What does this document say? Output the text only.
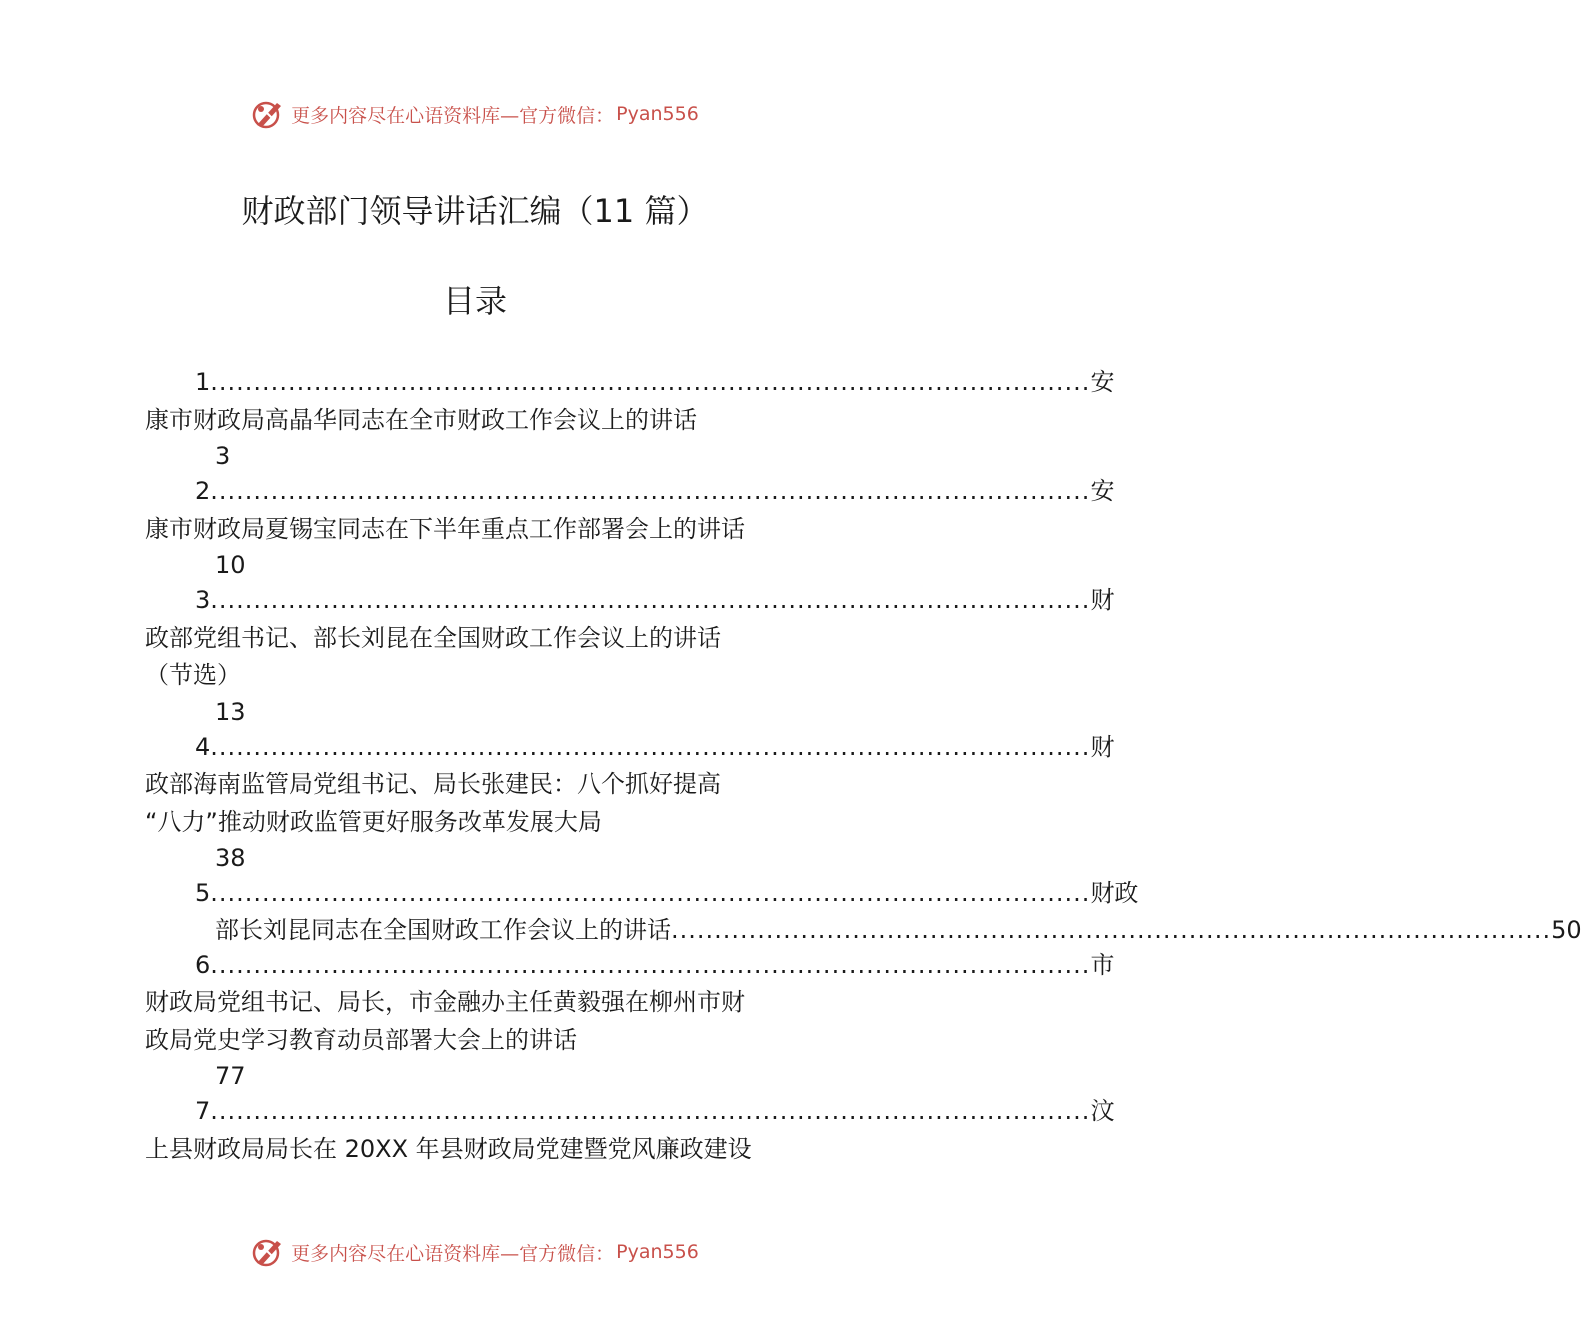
更多内容尽在心语资料库—官方微信： Pyan556
财政部门领导讲话汇编（11 篇）
目录
1 ...................................................................................................... 安
康市财政局高晶华同志在全市财政工作会议上的讲话
3
2 ...................................................................................................... 安
康市财政局夏锡宝同志在下半年重点工作部署会上的讲话
10
3 ...................................................................................................... 财
政部党组书记、部长刘昆在全国财政工作会议上的讲话
（节选）
13
4 ...................................................................................................... 财
政部海南监管局党组书记、局长张建民：八个抓好提高
“八力”推动财政监管更好服务改革发展大局
38
5 ...................................................................................................... 财政
部长刘昆同志在全国财政工作会议上的讲话 ...................................................................................................... 50
6 ...................................................................................................... 市
财政局党组书记、局长，市金融办主任黄毅强在柳州市财
政局党史学习教育动员部署大会上的讲话
77
7 ...................................................................................................... 汶
上县财政局局长在 20XX 年县财政局党建暨党风廉政建设
更多内容尽在心语资料库—官方微信： Pyan556
